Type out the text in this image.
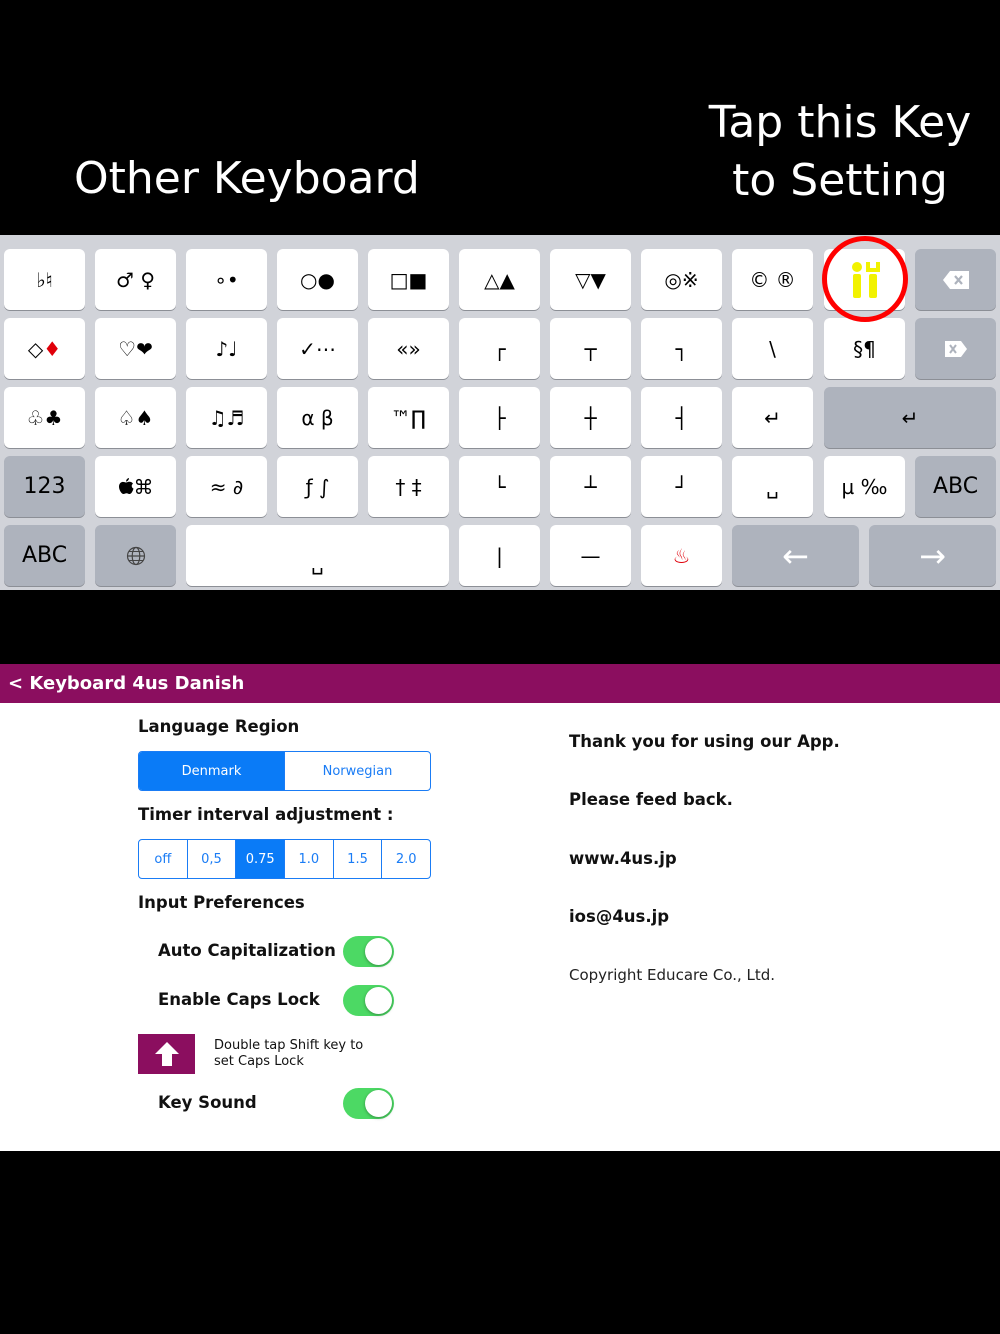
Other Keyboard
Tap this Key
to Setting
♭♮	♂ ♀	∘•	○●	□■	△▲	▽▼	◎※	© ®
◇ ♦	♡❤	♪♩	✓⋯	«»	┌	┬	┐	\	§¶
♧♣	♤♠	♫♬	α β	™∏	├	┼	┤	↵	↵
123	⌘	≈ ∂	ƒ ∫	† ‡	└	┴	┘	␣	µ ‰	ABC
ABC	␣	|	—	♨	←	→
< Keyboard 4us Danish
Language Region
Denmark	Norwegian
Timer interval adjustment :
off	0,5	0.75	1.0	1.5	2.0
Input Preferences
Auto Capitalization
Enable Caps Lock
Double tap Shift key to
set Caps Lock
Key Sound
Thank you for using our App.
Please feed back.
www.4us.jp
ios@4us.jp
Copyright Educare Co., Ltd.
